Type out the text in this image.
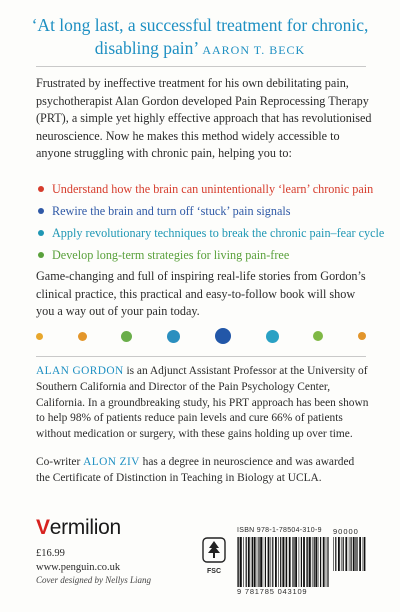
‘At long last, a successful treatment for chronic,
disabling pain’ AARON T. BECK
Frustrated by ineffective treatment for his own debilitating pain, psychotherapist Alan Gordon developed Pain Reprocessing Therapy (PRT), a simple yet highly effective approach that has revolutionised neuroscience. Now he makes this method widely accessible to anyone struggling with chronic pain, helping you to:
Understand how the brain can unintentionally ‘learn’ chronic pain
Rewire the brain and turn off ‘stuck’ pain signals
Apply revolutionary techniques to break the chronic pain–fear cycle
Develop long-term strategies for living pain-free
Game-changing and full of inspiring real-life stories from Gordon’s clinical practice, this practical and easy-to-follow book will show you a way out of your pain today.
ALAN GORDON is an Adjunct Assistant Professor at the University of Southern California and Director of the Pain Psychology Center, California. In a groundbreaking study, his PRT approach has been shown to help 98% of patients reduce pain levels and cure 66% of patients without medication or surgery, with these gains holding up over time.
Co-writer ALON ZIV has a degree in neuroscience and was awarded the Certificate of Distinction in Teaching in Biology at UCLA.
Vermilion
£16.99
www.penguin.co.uk
Cover designed by Nellys Liang
FSC
ISBN 978-1-78504-310-9 90000
9 781785 043109
